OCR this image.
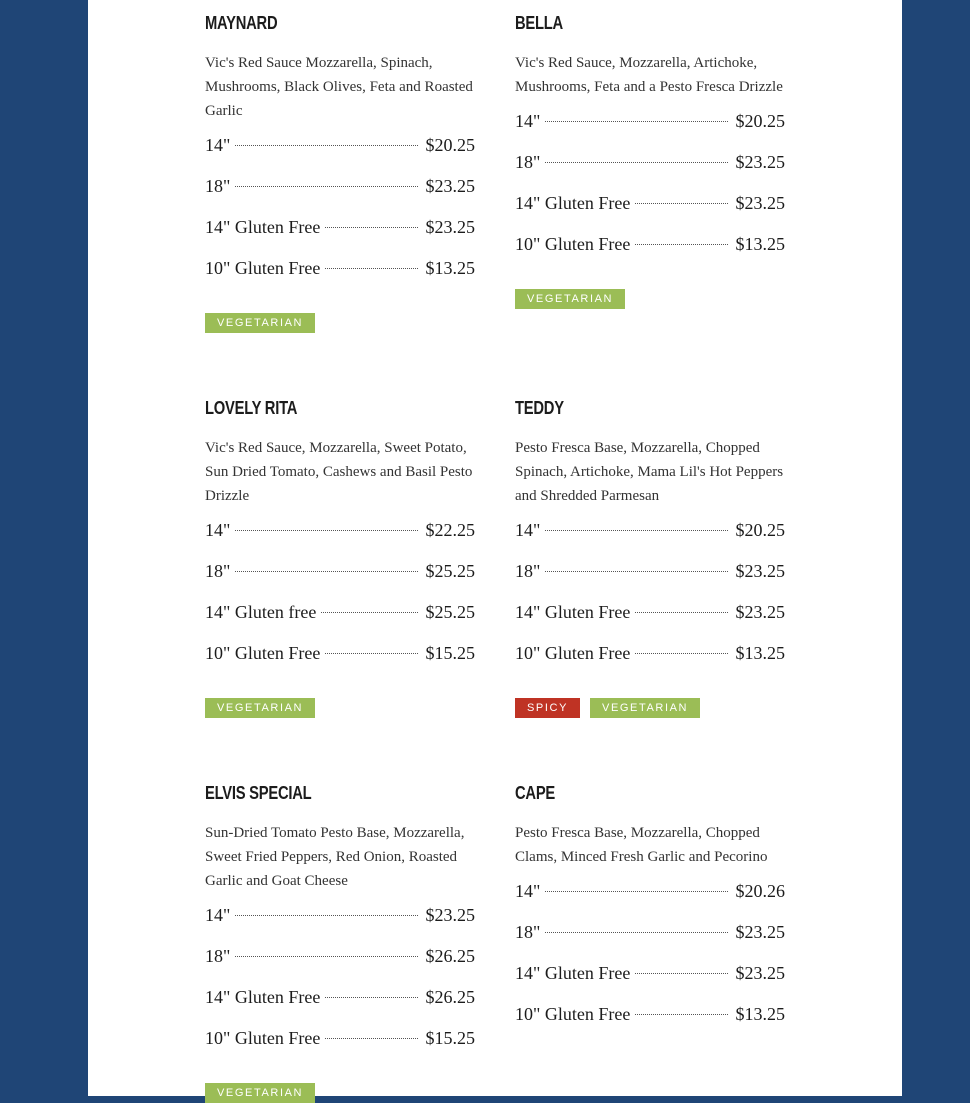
MAYNARD

Vic's Red Sauce Mozzarella, Spinach, Mushrooms, Black Olives, Feta and Roasted Garlic

14"	$20.25
18"	$23.25
14" Gluten Free	$23.25
10" Gluten Free	$13.25
VEGETARIAN
BELLA

Vic's Red Sauce, Mozzarella, Artichoke, Mushrooms, Feta and a Pesto Fresca Drizzle

14"	$20.25
18"	$23.25
14" Gluten Free	$23.25
10" Gluten Free	$13.25
VEGETARIAN
LOVELY RITA

Vic's Red Sauce, Mozzarella, Sweet Potato, Sun Dried Tomato, Cashews and Basil Pesto Drizzle

14"	$22.25
18"	$25.25
14" Gluten free	$25.25
10" Gluten Free	$15.25
VEGETARIAN
TEDDY

Pesto Fresca Base, Mozzarella, Chopped Spinach, Artichoke, Mama Lil's Hot Peppers and Shredded Parmesan

14"	$20.25
18"	$23.25
14" Gluten Free	$23.25
10" Gluten Free	$13.25
SPICY	VEGETARIAN
ELVIS SPECIAL

Sun-Dried Tomato Pesto Base, Mozzarella, Sweet Fried Peppers, Red Onion, Roasted Garlic and Goat Cheese

14"	$23.25
18"	$26.25
14" Gluten Free	$26.25
10" Gluten Free	$15.25
VEGETARIAN
CAPE

Pesto Fresca Base, Mozzarella, Chopped Clams, Minced Fresh Garlic and Pecorino

14"	$20.26
18"	$23.25
14" Gluten Free	$23.25
10" Gluten Free	$13.25
